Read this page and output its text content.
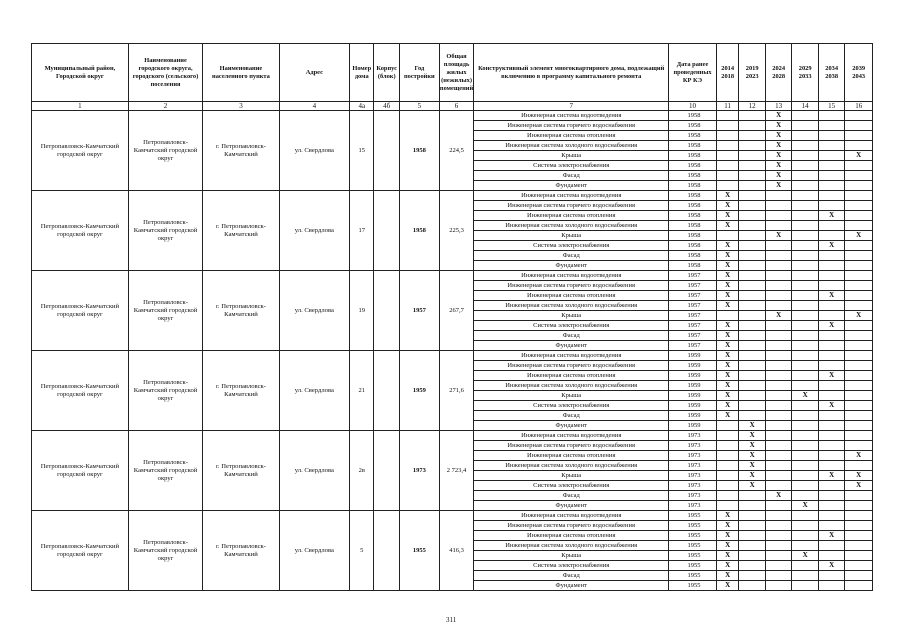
Муниципальный район, Городской округ	Наименование городского округа, городского (сельского) поселения	Наименование населенного пункта	Адрес	Номер дома	Корпус (блок)	Год постройки	Общая площадь жилых (нежилых) помещений	Конструктивный элемент многоквартирного дома, подлежащий включению в программу капитального ремонта	Дата ранее проведенных КР КЭ	2014 2018	2019 2023	2024 2028	2029 2033	2034 2038	2039 2043
1	2	3	4	4а	4б	5	6	7	10	11	12	13	14	15	16
Петропавловск-Камчатский городской округ	Петропавловск-Камчатский городской округ	г. Петропавловск-Камчатский	ул. Свердлова	15		1958	224,5	Инженерная система водоотведения	1958			X			
								Инженерная система горячего водоснабжения	1958			X			
								Инженерная система отопления	1958			X			
								Инженерная система холодного водоснабжения	1958			X			
								Крыша	1958			X			X
								Система электроснабжения	1958			X			
								Фасад	1958			X			
								Фундамент	1958			X			
Петропавловск-Камчатский городской округ	Петропавловск-Камчатский городской округ	г. Петропавловск-Камчатский	ул. Свердлова	17		1958	225,3	Инженерная система водоотведения	1958	X					
								Инженерная система горячего водоснабжения	1958	X					
								Инженерная система отопления	1958	X				X	
								Инженерная система холодного водоснабжения	1958	X					
								Крыша	1958			X			X
								Система электроснабжения	1958	X				X	
								Фасад	1958	X					
								Фундамент	1958	X					
Петропавловск-Камчатский городской округ	Петропавловск-Камчатский городской округ	г. Петропавловск-Камчатский	ул. Свердлова	19		1957	267,7	Инженерная система водоотведения	1957	X					
								Инженерная система горячего водоснабжения	1957	X					
								Инженерная система отопления	1957	X				X	
								Инженерная система холодного водоснабжения	1957	X					
								Крыша	1957			X			X
								Система электроснабжения	1957	X				X	
								Фасад	1957	X					
								Фундамент	1957	X					
Петропавловск-Камчатский городской округ	Петропавловск-Камчатский городской округ	г. Петропавловск-Камчатский	ул. Свердлова	21		1959	271,6	Инженерная система водоотведения	1959	X					
								Инженерная система горячего водоснабжения	1959	X					
								Инженерная система отопления	1959	X				X	
								Инженерная система холодного водоснабжения	1959	X					
								Крыша	1959	X			X		
								Система электроснабжения	1959	X				X	
								Фасад	1959	X					
								Фундамент	1959		X				
Петропавловск-Камчатский городской округ	Петропавловск-Камчатский городской округ	г. Петропавловск-Камчатский	ул. Свердлова	2в		1973	2 723,4	Инженерная система водоотведения	1973		X				
								Инженерная система горячего водоснабжения	1973		X				
								Инженерная система отопления	1973		X				X
								Инженерная система холодного водоснабжения	1973		X				
								Крыша	1973		X			X	X
								Система электроснабжения	1973		X				X
								Фасад	1973			X			
								Фундамент	1973				X		
Петропавловск-Камчатский городской округ	Петропавловск-Камчатский городской округ	г. Петропавловск-Камчатский	ул. Свердлова	5		1955	416,3	Инженерная система водоотведения	1955	X					
								Инженерная система горячего водоснабжения	1955	X					
								Инженерная система отопления	1955	X				X	
								Инженерная система холодного водоснабжения	1955	X					
								Крыша	1955	X			X		
								Система электроснабжения	1955	X				X	
								Фасад	1955	X					
								Фундамент	1955	X					
311
